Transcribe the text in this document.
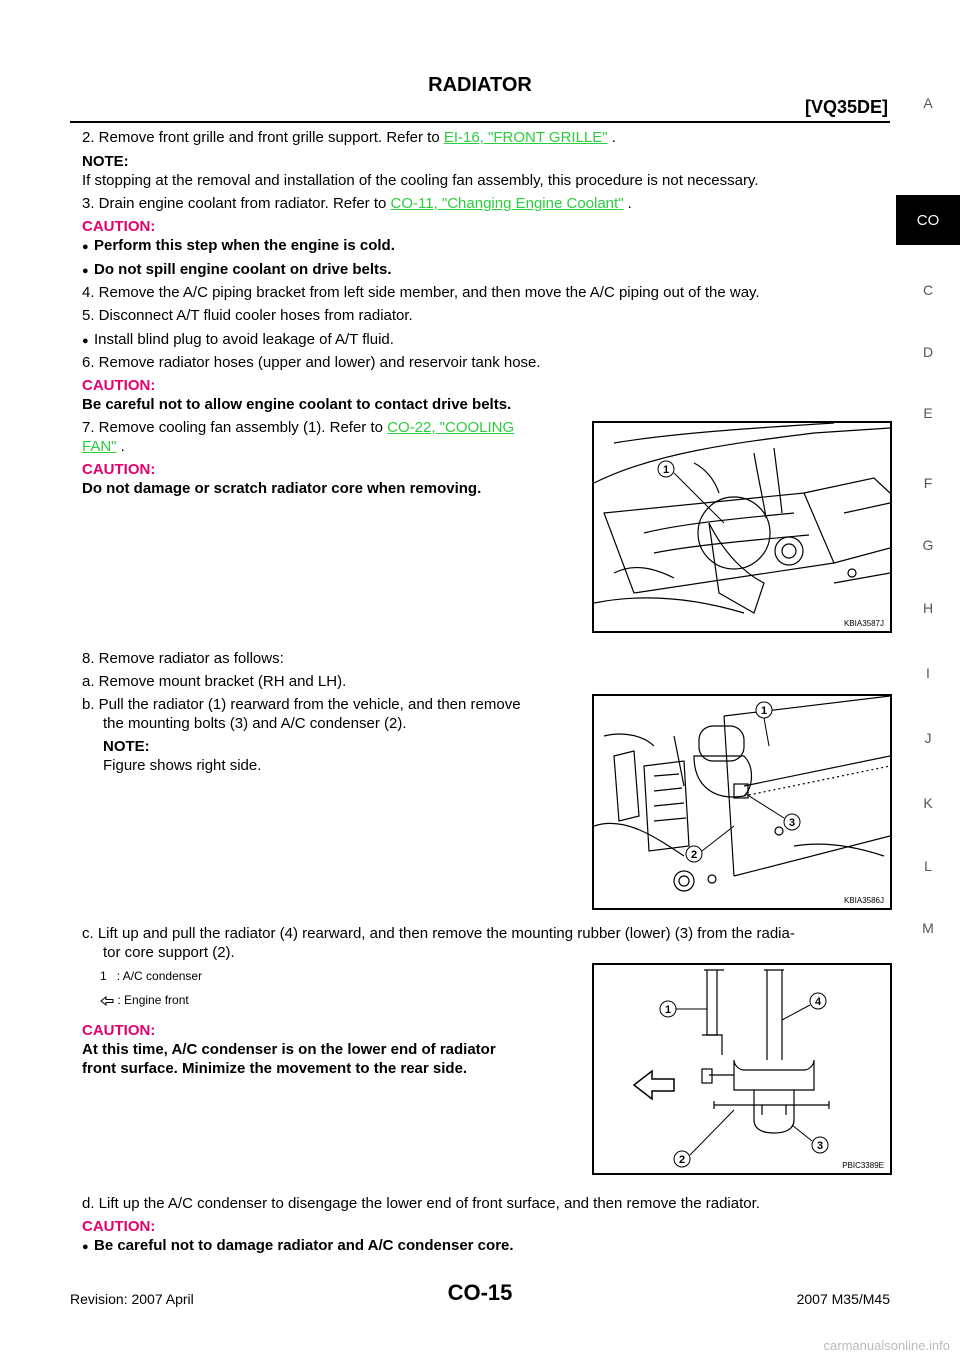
RADIATOR
[VQ35DE]	A
CO
C
D
E
F
G
H
I
J
K
L
M
2. Remove front grille and front grille support. Refer to EI-16, "FRONT GRILLE" .
NOTE:
If stopping at the removal and installation of the cooling fan assembly, this procedure is not necessary.
3. Drain engine coolant from radiator. Refer to CO-11, "Changing Engine Coolant" .
CAUTION:
● Perform this step when the engine is cold.
● Do not spill engine coolant on drive belts.
4. Remove the A/C piping bracket from left side member, and then move the A/C piping out of the way.
5. Disconnect A/T fluid cooler hoses from radiator.
● Install blind plug to avoid leakage of A/T fluid.
6. Remove radiator hoses (upper and lower) and reservoir tank hose.
CAUTION:
Be careful not to allow engine coolant to contact drive belts.
7. Remove cooling fan assembly (1). Refer to CO-22, "COOLING
FAN" .
CAUTION:
Do not damage or scratch radiator core when removing.
8. Remove radiator as follows:
a. Remove mount bracket (RH and LH).
b. Pull the radiator (1) rearward from the vehicle, and then remove
the mounting bolts (3) and A/C condenser (2).
NOTE:
Figure shows right side.
c. Lift up and pull the radiator (4) rearward, and then remove the mounting rubber (lower) (3) from the radia-
tor core support (2).
1 : A/C condenser
: Engine front
CAUTION:
At this time, A/C condenser is on the lower end of radiator
front surface. Minimize the movement to the rear side.
d. Lift up the A/C condenser to disengage the lower end of front surface, and then remove the radiator.
CAUTION:
● Be careful not to damage radiator and A/C condenser core.
1
KBIA3587J
1
2
3
KBIA3586J
1
2
3
4
PBIC3389E
Revision: 2007 April	CO-15	2007 M35/M45
carmanualsonline.info
